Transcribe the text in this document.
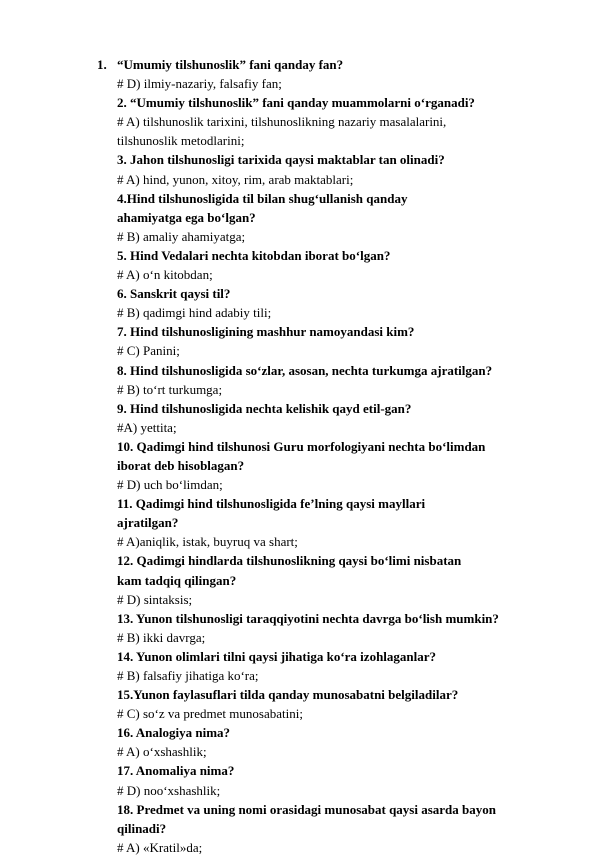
1. “Umumiy tilshunoslik” fani qanday fan?

# D) ilmiy-nazariy, falsafiy fan;

2. “Umumiy tilshunoslik” fani qanday muammolarni o‘rganadi?

# A) tilshunoslik tarixini, tilshunoslikning nazariy masalalarini,

tilshunoslik metodlarini;

3. Jahon tilshunosligi tarixida qaysi maktablar tan olinadi?

# A) hind, yunon, xitoy, rim, arab maktablari;

4.Hind tilshunosligida til bilan shug‘ullanish qanday

ahamiyatga ega bo‘lgan?

# B) amaliy ahamiyatga;

5. Hind Vedalari nechta kitobdan iborat bo‘lgan?

# A) o‘n kitobdan;

6. Sanskrit qaysi til?

# B) qadimgi hind adabiy tili;

7. Hind tilshunosligining mashhur namoyandasi kim?

# C) Panini;

8. Hind tilshunosligida so‘zlar, asosan, nechta turkumga ajratilgan?

# B) to‘rt turkumga;

9. Hind tilshunosligida nechta kelishik qayd etil-gan?

#A) yettita;

10. Qadimgi hind tilshunosi Guru morfologiyani nechta bo‘limdan

iborat deb hisoblagan?

# D) uch bo‘limdan;

11. Qadimgi hind tilshunosligida fe’lning qaysi mayllari

ajratilgan?

# A)aniqlik, istak, buyruq va shart;

12. Qadimgi hindlarda tilshunoslikning qaysi bo‘limi nisbatan

kam tadqiq qilingan?

# D) sintaksis;

13. Yunon tilshunosligi taraqqiyotini nechta davrga bo‘lish mumkin?

# B) ikki davrga;

14. Yunon olimlari tilni qaysi jihatiga ko‘ra izohlaganlar?

# B) falsafiy jihatiga ko‘ra;

15.Yunon faylasuflari tilda qanday munosabatni belgiladilar?

# C) so‘z va predmet munosabatini;

16. Analogiya nima?

# A) o‘xshashlik;

17. Anomaliya nima?

# D) noo‘xshashlik;

18. Predmet va uning nomi orasidagi munosabat qaysi asarda bayon

qilinadi?

# A) «Kratil»da;
